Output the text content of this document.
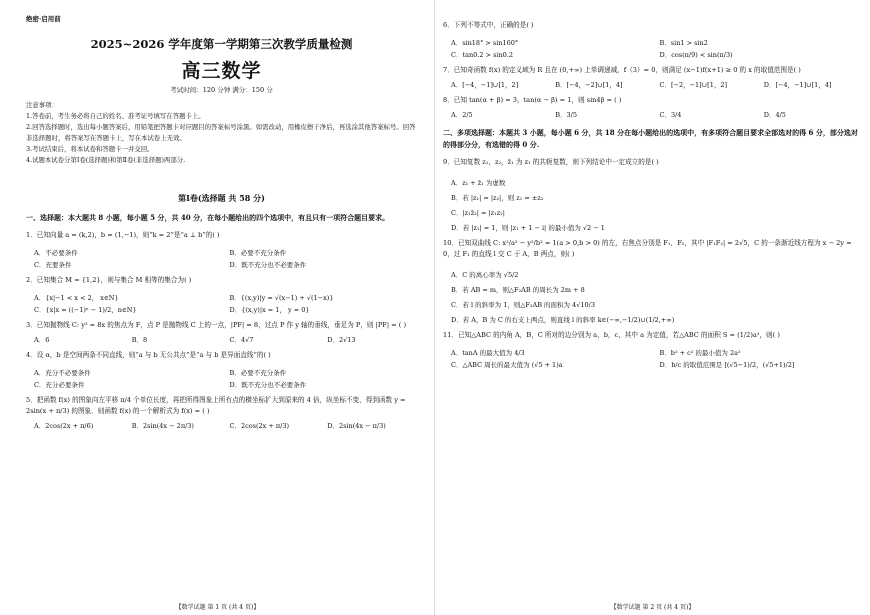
绝密·启用前
2025~2026 学年度第一学期第三次教学质量检测
高三数学
考试时间：120 分钟 满分：150 分
注意事项：
1.答卷前，考生务必将自己的姓名、准考证号填写在答题卡上。
2.回答选择题时，选出每小题答案后，用铅笔把答题卡对应题目的答案标号涂黑。如需改动，用橡皮擦干净后，再选涂其他答案标号。回答非选择题时，将答案写在答题卡上，写在本试卷上无效。
3.考试结束后，将本试卷和答题卡一并交回。
4.试题本试卷分第Ⅰ卷(选择题)和第Ⅱ卷(非选择题)两部分.
第Ⅰ卷(选择题 共 58 分)
一、选择题：本大题共 8 小题，每小题 5 分，共 40 分，在每小题给出的四个选项中，有且只有一项符合题目要求。
1．已知向量 a = (k,2)，b = (1,−1)，则“k = 2”是“a ⊥ b”的( )
A．不必要条件	B．必要不充分条件
C．充要条件	D．既不充分也不必要条件
2．已知集合 M = {1,2}，则与集合 M 相等的集合为( )
A．{x|−1 < x < 2， x∈N}	B．{(x,y)|y = √(x−1) + √(1−x)}
C．{x|x = ((−1)ⁿ − 1)/2，n∈N}	D．{(x,y)|x = 1， y = 0}
3．已知抛物线 C: y² = 8x 的焦点为 F，点 P 是抛物线 C 上的一点，|PF| = 8，过点 P 作 y 轴的垂线，垂足为 P，则 |PF| = ( )
A．6	B．8	C．4√7	D．2√13
4．设 α，b 是空间两条不同直线，则“a 与 b 无公共点”是“a 与 b 是异面直线”的( )
A．充分不必要条件	B．必要不充分条件
C．充分必要条件	D．既不充分也不必要条件
5．把函数 f(x) 的图象向左平移 π/4 个单位长度，再把所得图象上所有点的横坐标扩大到原来的 4 倍，纵坐标不变，得到函数 y = 2sin(x + π/3) 的图象．则函数 f(x) 的一个解析式为 f(x) = ( )
A．2cos(2x + π/6)	B．2sin(4x − 2π/3)	C．2cos(2x + π/3)	D．2sin(4x − π/3)
【数学试题 第 1 页 (共 4 页)】
6．下列不等式中，正确的是( )
A．sin18° > sin160°	B．sin1 > sin2
C．tan0.2 > sin0.2	D．cos(π/9) < sin(π/3)
7．已知奇函数 f(x) 的定义域为 R 且在 (0,+∞) 上单调递减，f（3）= 0，则满足 (x−1)f(x+1) ≥ 0 的 x 的取值范围是( )
A．[−4，−1]∪[1，2]	B．[−4，−2]∪[1，4]	C．[−2，−1]∪[1，2]	D．[−4，−1]∪[1，4]
8．已知 tan(α + β) = 3，tan(α − β) = 1，则 sin4β = ( )
A．2/5	B．3/5	C．3/4	D．4/5
二、多项选择题：本题共 3 小题，每小题 6 分，共 18 分在每小题给出的选项中，有多项符合题目要求全部选对的得 6 分，部分选对的得部分分，有选错的得 0 分.
9．已知复数 z₁，z₂，z̄₁ 为 z₁ 的共轭复数，则下列结论中一定成立的是( )
A．z₁ + z̄₁ 为虚数
B．若 |z₁| = |z₂|，则 z₁ = ±z₂
C．|z₁z̄₂| = |z₁z₂|
D．若 |z₁| = 1，则 |z₁ + 1 − i| 的最小值为 √2 − 1
10．已知双曲线 C: x²/a² − y²/b² = 1(a > 0,b > 0) 的左，右焦点分别是 F₁，F₂，其中 |F₁F₂| = 2√5，C 的一条渐近线方程为 x − 2y = 0，过 F₁ 的直线 l 交 C 于 A，B 两点，则( )
A．C 的离心率为 √5/2
B．若 AB = m，则△F₂AB 的周长为 2m + 8
C．若 l 的斜率为 1，则△F₂AB 的面积为 4√10/3
D．若 A，B 为 C 的右支上两点，则直线 l 的斜率 k∈(−∞,−1/2)∪(1/2,+∞)
11．已知△ABC 的内角 A，B，C 所对的边分别为 a，b，c，其中 a 为定值，若△ABC 的面积 S = (1/2)a²，则( )
A．tanA 的最大值为 4/3	B．b² + c² 的最小值为 2a²
C．△ABC 周长的最大值为 (√5 + 1)a	D．b/c 的取值范围是 [(√5−1)/2，(√5+1)/2]
【数学试题 第 2 页 (共 4 页)】
